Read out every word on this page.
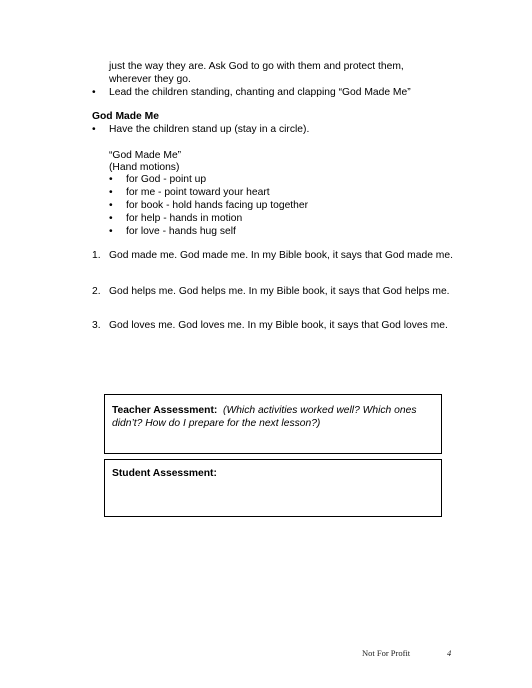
just the way they are. Ask God to go with them and protect them, wherever they go.

• Lead the children standing, chanting and clapping “God Made Me”

God Made Me

• Have the children stand up (stay in a circle).

“God Made Me”

(Hand motions)

• for God - point up

• for me - point toward your heart

• for book - hold hands facing up together

• for help - hands in motion

• for love - hands hug self

1. God made me. God made me. In my Bible book, it says that God made me.
2. God helps me. God helps me. In my Bible book, it says that God helps me.
3. God loves me. God loves me. In my Bible book, it says that God loves me.
Teacher Assessment: (Which activities worked well? Which ones didn’t? How do I prepare for the next lesson?)
Student Assessment:
Not For Profit	4
